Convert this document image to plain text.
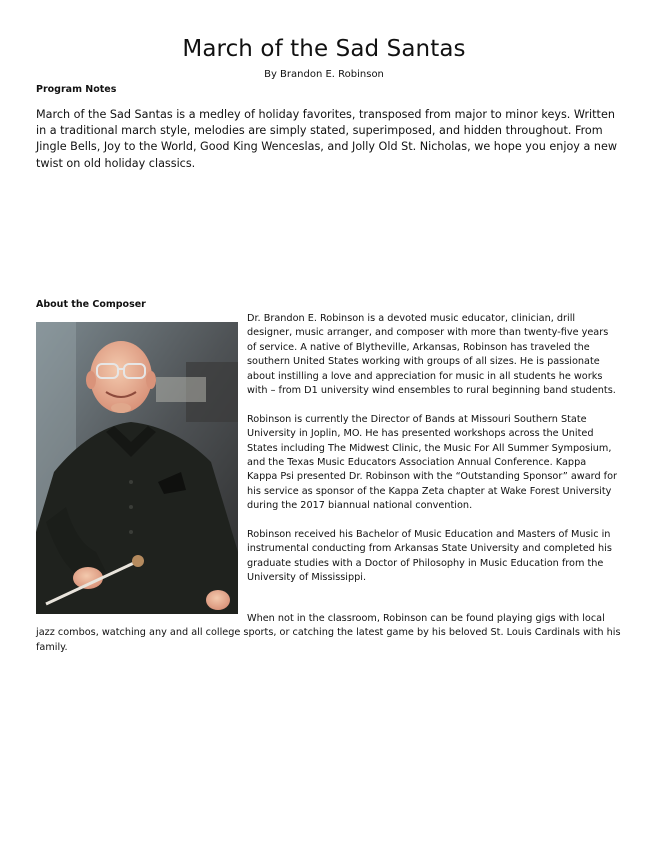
March of the Sad Santas
By Brandon E. Robinson
Program Notes
March of the Sad Santas is a medley of holiday favorites, transposed from major to minor keys. Written in a traditional march style, melodies are simply stated, superimposed, and hidden throughout. From Jingle Bells, Joy to the World, Good King Wenceslas, and Jolly Old St. Nicholas, we hope you enjoy a new twist on old holiday classics.
About the Composer

Dr. Brandon E. Robinson is a devoted music educator, clinician, drill designer, music arranger, and composer with more than twenty-five years of service. A native of Blytheville, Arkansas, Robinson has traveled the southern United States working with groups of all sizes. He is passionate about instilling a love and appreciation for music in all students he works with – from D1 university wind ensembles to rural beginning band students.

Robinson is currently the Director of Bands at Missouri Southern State University in Joplin, MO. He has presented workshops across the United States including The Midwest Clinic, the Music For All Summer Symposium, and the Texas Music Educators Association Annual Conference. Kappa Kappa Psi presented Dr. Robinson with the “Outstanding Sponsor” award for his service as sponsor of the Kappa Zeta chapter at Wake Forest University during the 2017 biannual national convention.

Robinson received his Bachelor of Music Education and Masters of Music in instrumental conducting from Arkansas State University and completed his graduate studies with a Doctor of Philosophy in Music Education from the University of Mississippi.

When not in the classroom, Robinson can be found playing gigs with local jazz combos, watching any and all college sports, or catching the latest game by his beloved St. Louis Cardinals with his family.
